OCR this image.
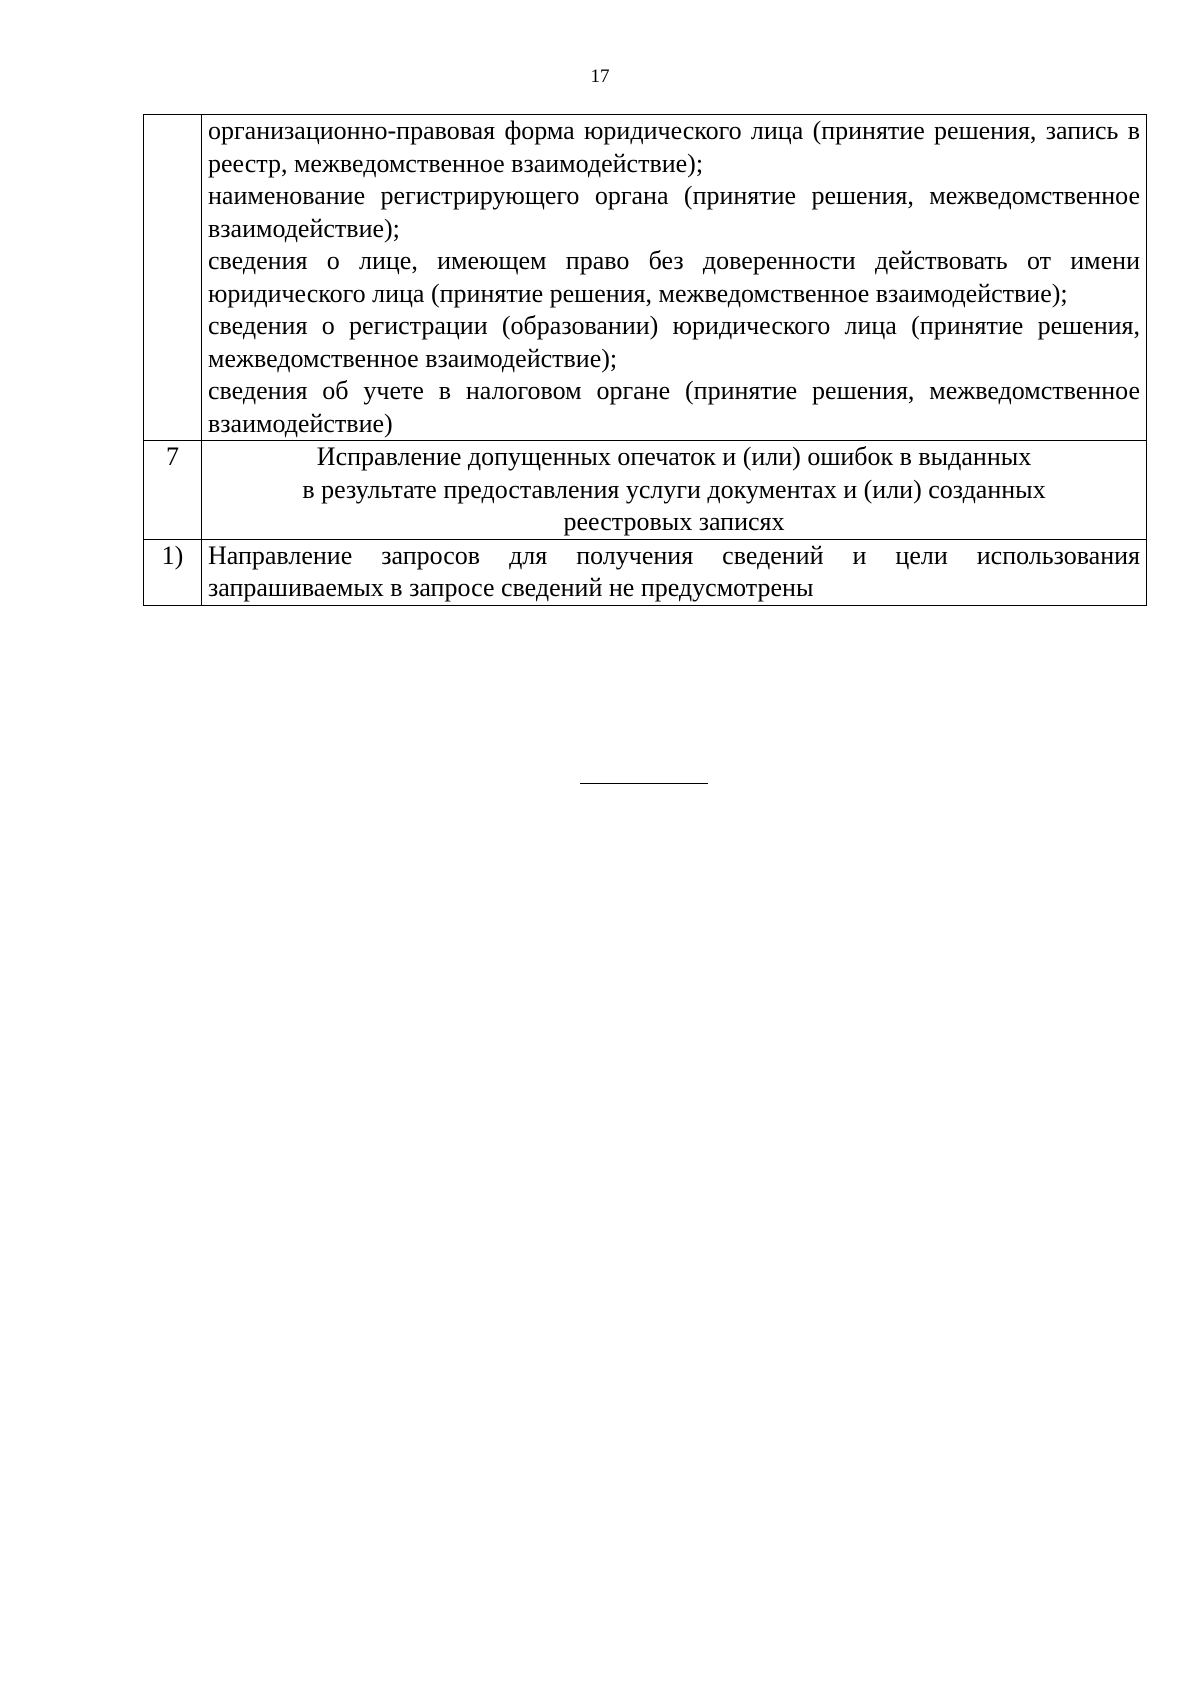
17

	организационно-правовая форма юридического лица (принятие решения, запись в реестр, межведомственное взаимодействие);
наименование регистрирующего органа (принятие решения, межведомственное взаимодействие);
сведения о лице, имеющем право без доверенности действовать от имени юридического лица (принятие решения, межведомственное взаимодействие);
сведения о регистрации (образовании) юридического лица (принятие решения, межведомственное взаимодействие);
сведения об учете в налоговом органе (принятие решения, межведомственное взаимодействие)

7	Исправление допущенных опечаток и (или) ошибок в выданных
в результате предоставления услуги документах и (или) созданных
реестровых записях

1)	Направление запросов для получения сведений и цели использования запрашиваемых в запросе сведений не предусмотрены
